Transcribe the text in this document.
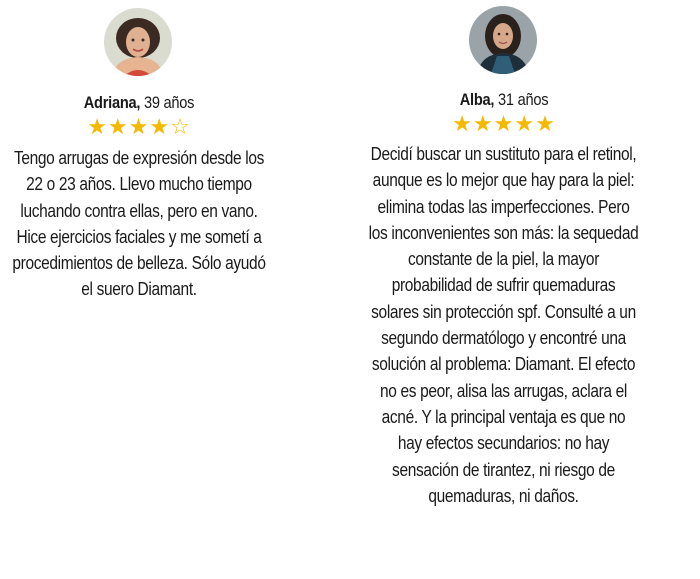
Adriana, 39 años
★★★★☆
Tengo arrugas de expresión desde los 22 o 23 años. Llevo mucho tiempo luchando contra ellas, pero en vano. Hice ejercicios faciales y me sometí a procedimientos de belleza. Sólo ayudó el suero Diamant.
Alba, 31 años
★★★★★
Decidí buscar un sustituto para el retinol, aunque es lo mejor que hay para la piel: elimina todas las imperfecciones. Pero los inconvenientes son más: la sequedad constante de la piel, la mayor probabilidad de sufrir quemaduras solares sin protección spf. Consulté a un segundo dermatólogo y encontré una solución al problema: Diamant. El efecto no es peor, alisa las arrugas, aclara el acné. Y la principal ventaja es que no hay efectos secundarios: no hay sensación de tirantez, ni riesgo de quemaduras, ni daños.
